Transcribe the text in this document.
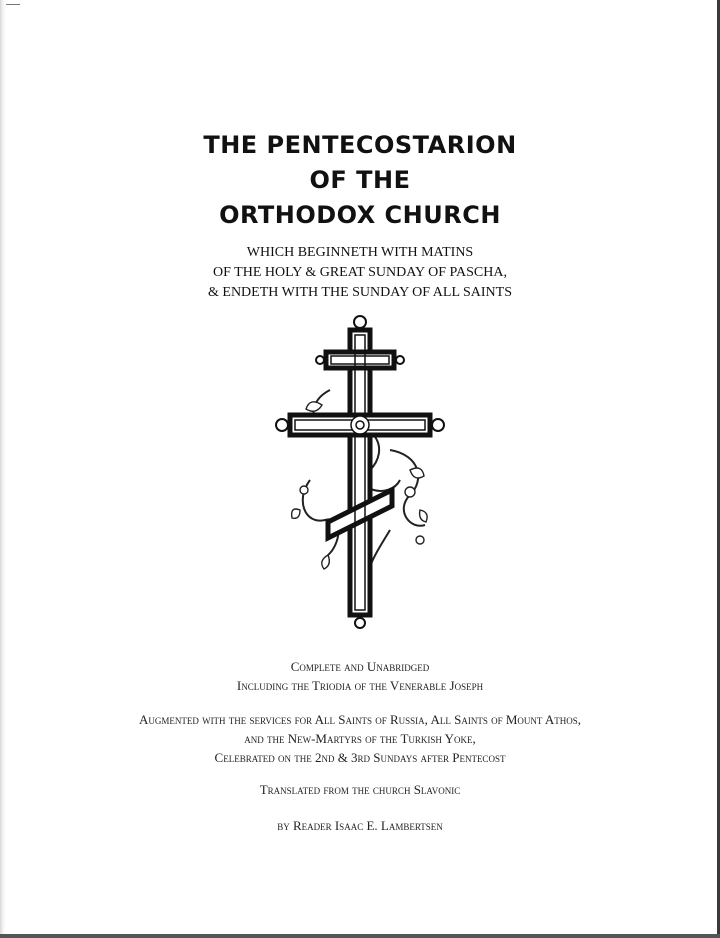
THE PENTECOSTARION
OF THE
ORTHODOX CHURCH
WHICH BEGINNETH WITH MATINS
OF THE HOLY & GREAT SUNDAY OF PASCHA,
& ENDETH WITH THE SUNDAY OF ALL SAINTS
Complete and Unabridged
Including the Triodia of the Venerable Joseph
Augmented with the services for All Saints of Russia, All Saints of Mount Athos,
and the New-Martyrs of the Turkish Yoke,
Celebrated on the 2nd & 3rd Sundays after Pentecost
Translated from the church Slavonic
by Reader Isaac E. Lambertsen
